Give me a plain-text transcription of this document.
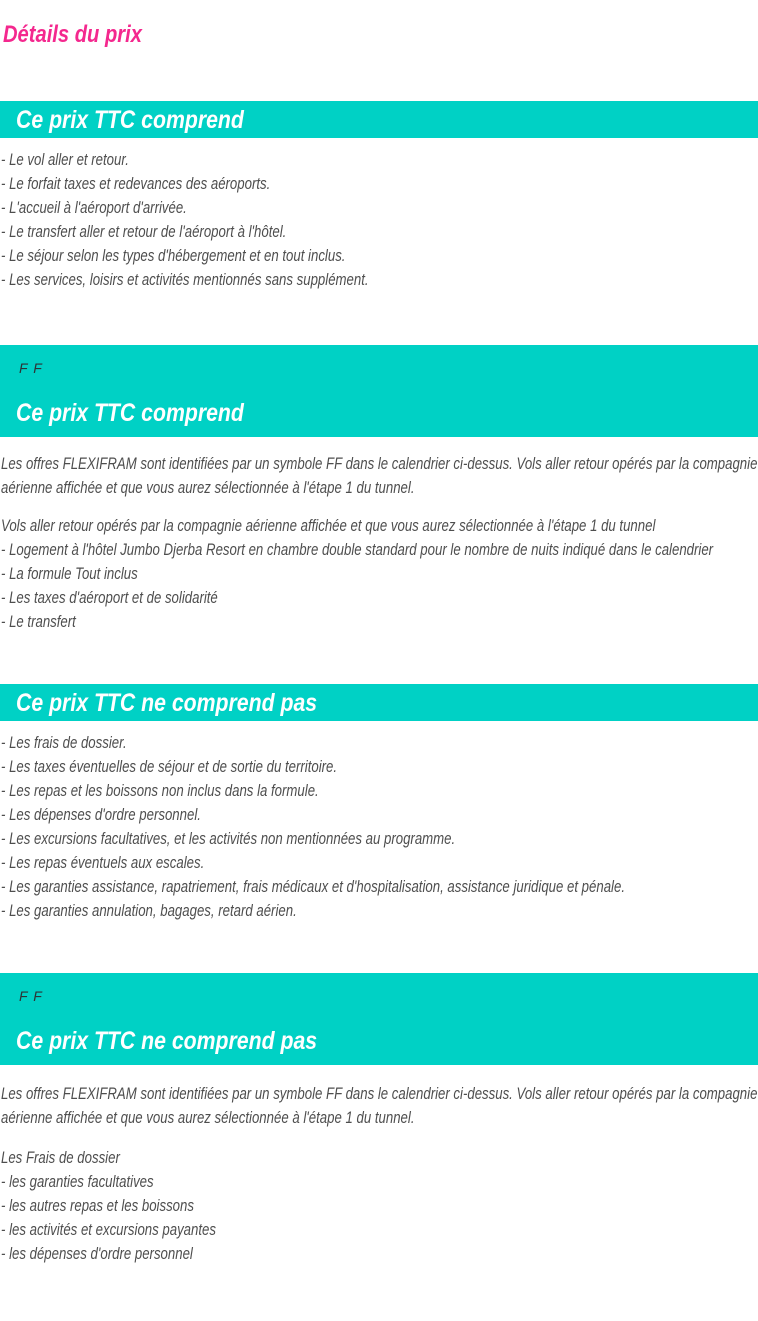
Détails du prix
Ce prix TTC comprend
- Le vol aller et retour.
- Le forfait taxes et redevances des aéroports.
- L'accueil à l'aéroport d'arrivée.
- Le transfert aller et retour de l'aéroport à l'hôtel.
- Le séjour selon les types d'hébergement et en tout inclus.
- Les services, loisirs et activités mentionnés sans supplément.
F F
Ce prix TTC comprend
Les offres FLEXIFRAM sont identifiées par un symbole FF dans le calendrier ci-dessus. Vols aller retour opérés par la compagnie aérienne affichée et que vous aurez sélectionnée à l'étape 1 du tunnel.
Vols aller retour opérés par la compagnie aérienne affichée et que vous aurez sélectionnée à l'étape 1 du tunnel
- Logement à l'hôtel Jumbo Djerba Resort en chambre double standard pour le nombre de nuits indiqué dans le calendrier
- La formule Tout inclus
- Les taxes d'aéroport et de solidarité
- Le transfert
Ce prix TTC ne comprend pas
- Les frais de dossier.
- Les taxes éventuelles de séjour et de sortie du territoire.
- Les repas et les boissons non inclus dans la formule.
- Les dépenses d'ordre personnel.
- Les excursions facultatives, et les activités non mentionnées au programme.
- Les repas éventuels aux escales.
- Les garanties assistance, rapatriement, frais médicaux et d'hospitalisation, assistance juridique et pénale.
- Les garanties annulation, bagages, retard aérien.
F F
Ce prix TTC ne comprend pas
Les offres FLEXIFRAM sont identifiées par un symbole FF dans le calendrier ci-dessus. Vols aller retour opérés par la compagnie aérienne affichée et que vous aurez sélectionnée à l'étape 1 du tunnel.
Les Frais de dossier
- les garanties facultatives
- les autres repas et les boissons
- les activités et excursions payantes
- les dépenses d'ordre personnel
